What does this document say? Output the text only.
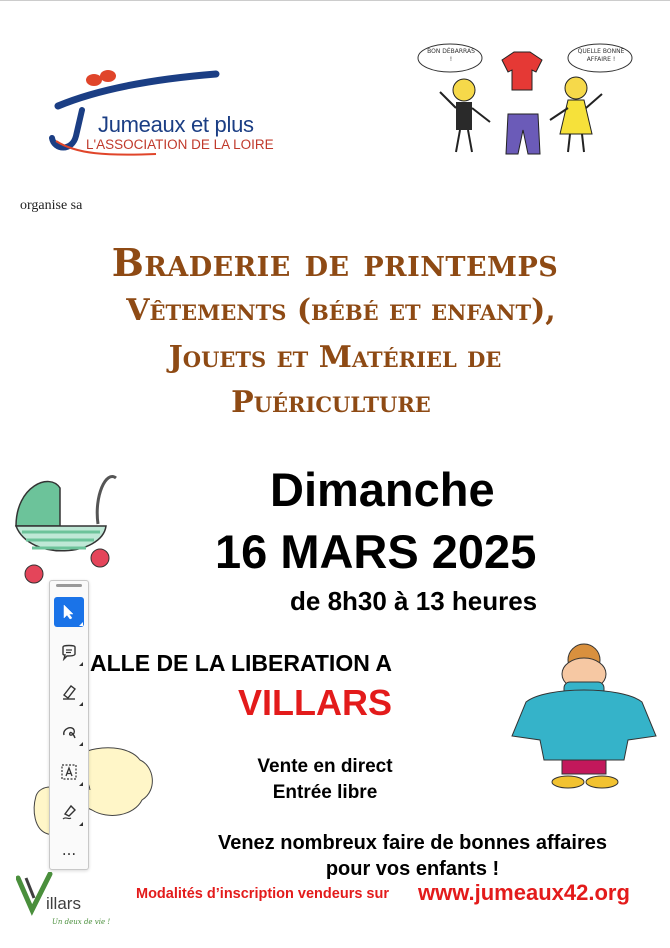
Jumeaux et plus
L'ASSOCIATION DE LA LOIRE
BON DÉBARRAS !
QUELLE BONNE AFFAIRE !
organise sa
Braderie de printemps
Vêtements (bébé et enfant),
Jouets et Matériel de
Puériculture
Dimanche
16 MARS 2025
de 8h30 à 13 heures
ALLE DE LA LIBERATION A
VILLARS
Vente en direct
Entrée libre
Venez nombreux faire de bonnes affaires
pour vos enfants !
Modalités d’inscription vendeurs sur www.jumeaux42.org
illars
Un deux de vie !
...
